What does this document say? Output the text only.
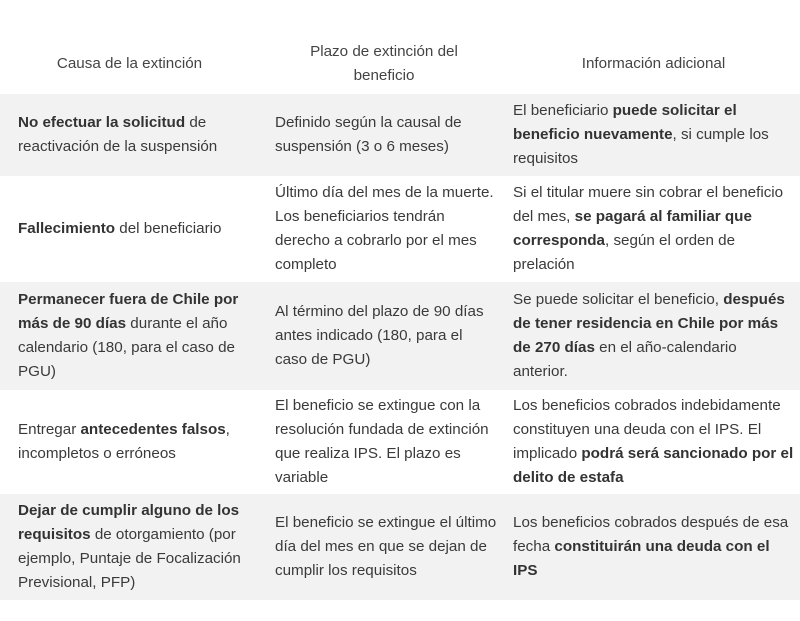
Causa de la extinción
Plazo de extinción del beneficio
Información adicional
No efectuar la solicitud de reactivación de la suspensión
Definido según la causal de suspensión (3 o 6 meses)
El beneficiario puede solicitar el beneficio nuevamente, si cumple los requisitos
Fallecimiento del beneficiario
Último día del mes de la muerte. Los beneficiarios tendrán derecho a cobrarlo por el mes completo
Si el titular muere sin cobrar el beneficio del mes, se pagará al familiar que corresponda, según el orden de prelación
Permanecer fuera de Chile por más de 90 días durante el año calendario (180, para el caso de PGU)
Al término del plazo de 90 días antes indicado (180, para el caso de PGU)
Se puede solicitar el beneficio, después de tener residencia en Chile por más de 270 días en el año-calendario anterior.
Entregar antecedentes falsos, incompletos o erróneos
El beneficio se extingue con la resolución fundada de extinción que realiza IPS. El plazo es variable
Los beneficios cobrados indebidamente constituyen una deuda con el IPS. El implicado podrá será sancionado por el delito de estafa
Dejar de cumplir alguno de los requisitos de otorgamiento (por ejemplo, Puntaje de Focalización Previsional, PFP)
El beneficio se extingue el último día del mes en que se dejan de cumplir los requisitos
Los beneficios cobrados después de esa fecha constituirán una deuda con el IPS
